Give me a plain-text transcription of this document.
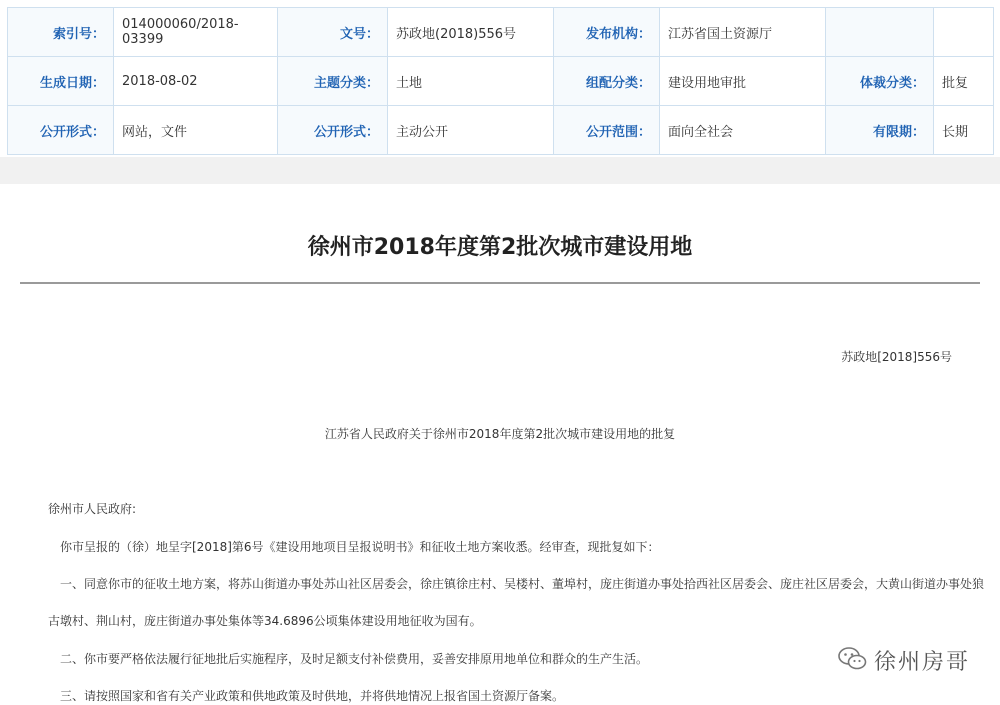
索引号：	014000060/2018-03399	文号：	苏政地(2018)556号	发布机构：	江苏省国土资源厅		
生成日期：	2018-08-02	主题分类：	土地	组配分类：	建设用地审批	体裁分类：	批复
公开形式：	网站，文件	公开形式：	主动公开	公开范围：	面向全社会	有限期：	长期
徐州市2018年度第2批次城市建设用地
苏政地[2018]556号
江苏省人民政府关于徐州市2018年度第2批次城市建设用地的批复
徐州市人民政府:
你市呈报的（徐）地呈字[2018]第6号《建设用地项目呈报说明书》和征收土地方案收悉。经审查，现批复如下：
一、同意你市的征收土地方案，将苏山街道办事处苏山社区居委会，徐庄镇徐庄村、吴楼村、董埠村，庞庄街道办事处拾西社区居委会、庞庄社区居委会，大黄山街道办事处狼
古墩村、荆山村，庞庄街道办事处集体等34.6896公顷集体建设用地征收为国有。
二、你市要严格依法履行征地批后实施程序，及时足额支付补偿费用，妥善安排原用地单位和群众的生产生活。
三、请按照国家和省有关产业政策和供地政策及时供地，并将供地情况上报省国土资源厅备案。
徐州房哥
